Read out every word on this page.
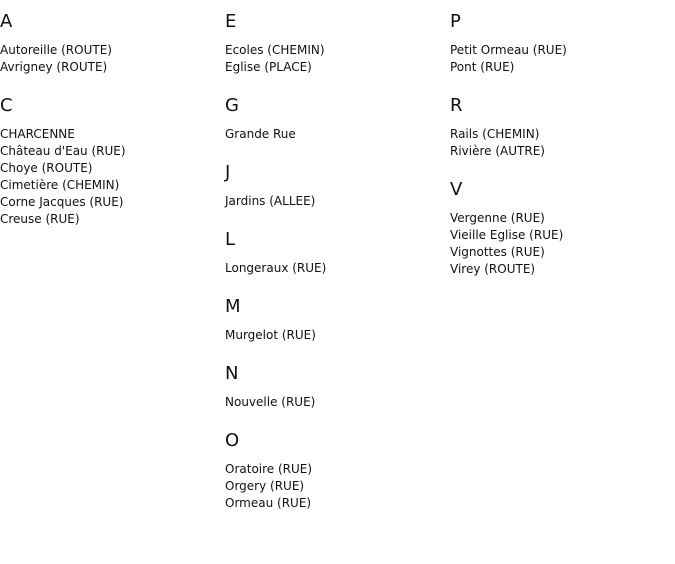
A
Autoreille (ROUTE)
Avrigney (ROUTE)
C
CHARCENNE
Château d'Eau (RUE)
Choye (ROUTE)
Cimetière (CHEMIN)
Corne Jacques (RUE)
Creuse (RUE)
E
Ecoles (CHEMIN)
Eglise (PLACE)
G
Grande Rue
J
Jardins (ALLEE)
L
Longeraux (RUE)
M
Murgelot (RUE)
N
Nouvelle (RUE)
O
Oratoire (RUE)
Orgery (RUE)
Ormeau (RUE)
P
Petit Ormeau (RUE)
Pont (RUE)
R
Rails (CHEMIN)
Rivière (AUTRE)
V
Vergenne (RUE)
Vieille Eglise (RUE)
Vignottes (RUE)
Virey (ROUTE)
